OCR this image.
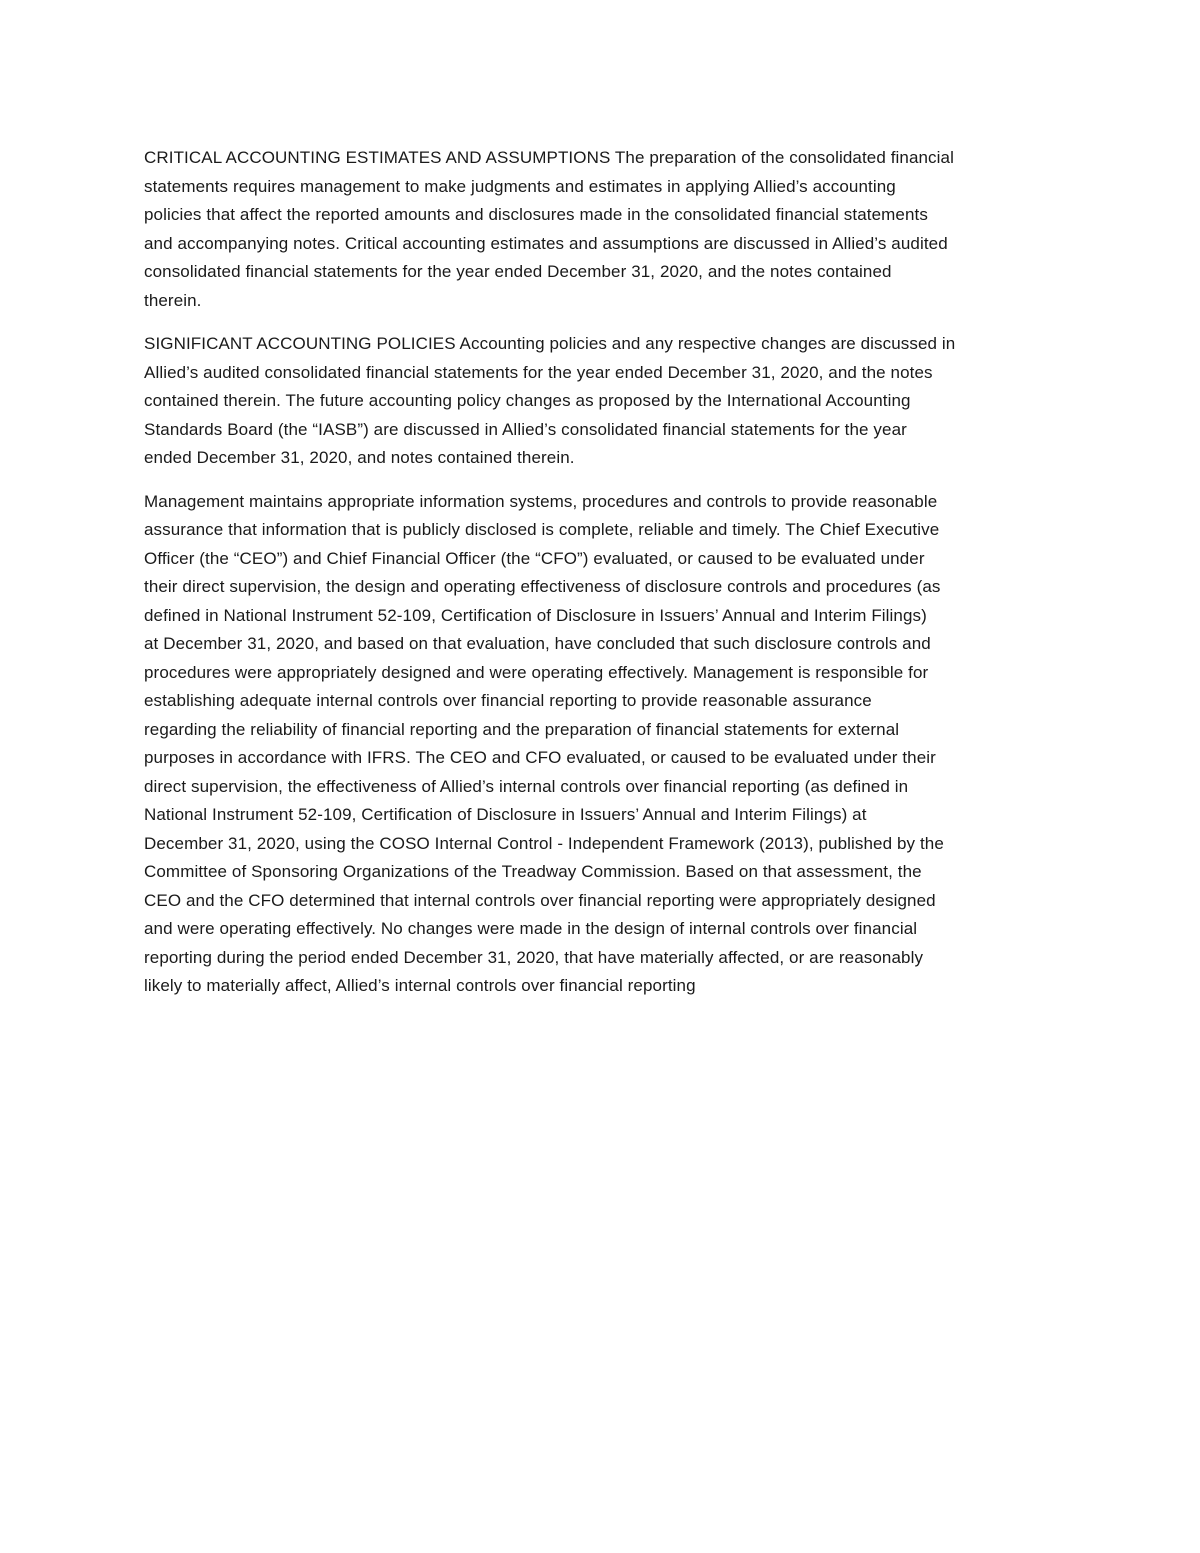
CRITICAL ACCOUNTING ESTIMATES AND ASSUMPTIONS The preparation of the consolidated financial
statements requires management to make judgments and estimates in applying Allied’s accounting
policies that affect the reported amounts and disclosures made in the consolidated financial statements
and accompanying notes. Critical accounting estimates and assumptions are discussed in Allied’s audited
consolidated financial statements for the year ended December 31, 2020, and the notes contained
therein.

SIGNIFICANT ACCOUNTING POLICIES Accounting policies and any respective changes are discussed in
Allied’s audited consolidated financial statements for the year ended December 31, 2020, and the notes
contained therein. The future accounting policy changes as proposed by the International Accounting
Standards Board (the “IASB”) are discussed in Allied’s consolidated financial statements for the year
ended December 31, 2020, and notes contained therein.

Management maintains appropriate information systems, procedures and controls to provide reasonable
assurance that information that is publicly disclosed is complete, reliable and timely. The Chief Executive
Officer (the “CEO”) and Chief Financial Officer (the “CFO”) evaluated, or caused to be evaluated under
their direct supervision, the design and operating effectiveness of disclosure controls and procedures (as
defined in National Instrument 52-109, Certification of Disclosure in Issuers’ Annual and Interim Filings)
at December 31, 2020, and based on that evaluation, have concluded that such disclosure controls and
procedures were appropriately designed and were operating effectively. Management is responsible for
establishing adequate internal controls over financial reporting to provide reasonable assurance
regarding the reliability of financial reporting and the preparation of financial statements for external
purposes in accordance with IFRS. The CEO and CFO evaluated, or caused to be evaluated under their
direct supervision, the effectiveness of Allied’s internal controls over financial reporting (as defined in
National Instrument 52-109, Certification of Disclosure in Issuers’ Annual and Interim Filings) at
December 31, 2020, using the COSO Internal Control - Independent Framework (2013), published by the
Committee of Sponsoring Organizations of the Treadway Commission. Based on that assessment, the
CEO and the CFO determined that internal controls over financial reporting were appropriately designed
and were operating effectively. No changes were made in the design of internal controls over financial
reporting during the period ended December 31, 2020, that have materially affected, or are reasonably
likely to materially affect, Allied’s internal controls over financial reporting
